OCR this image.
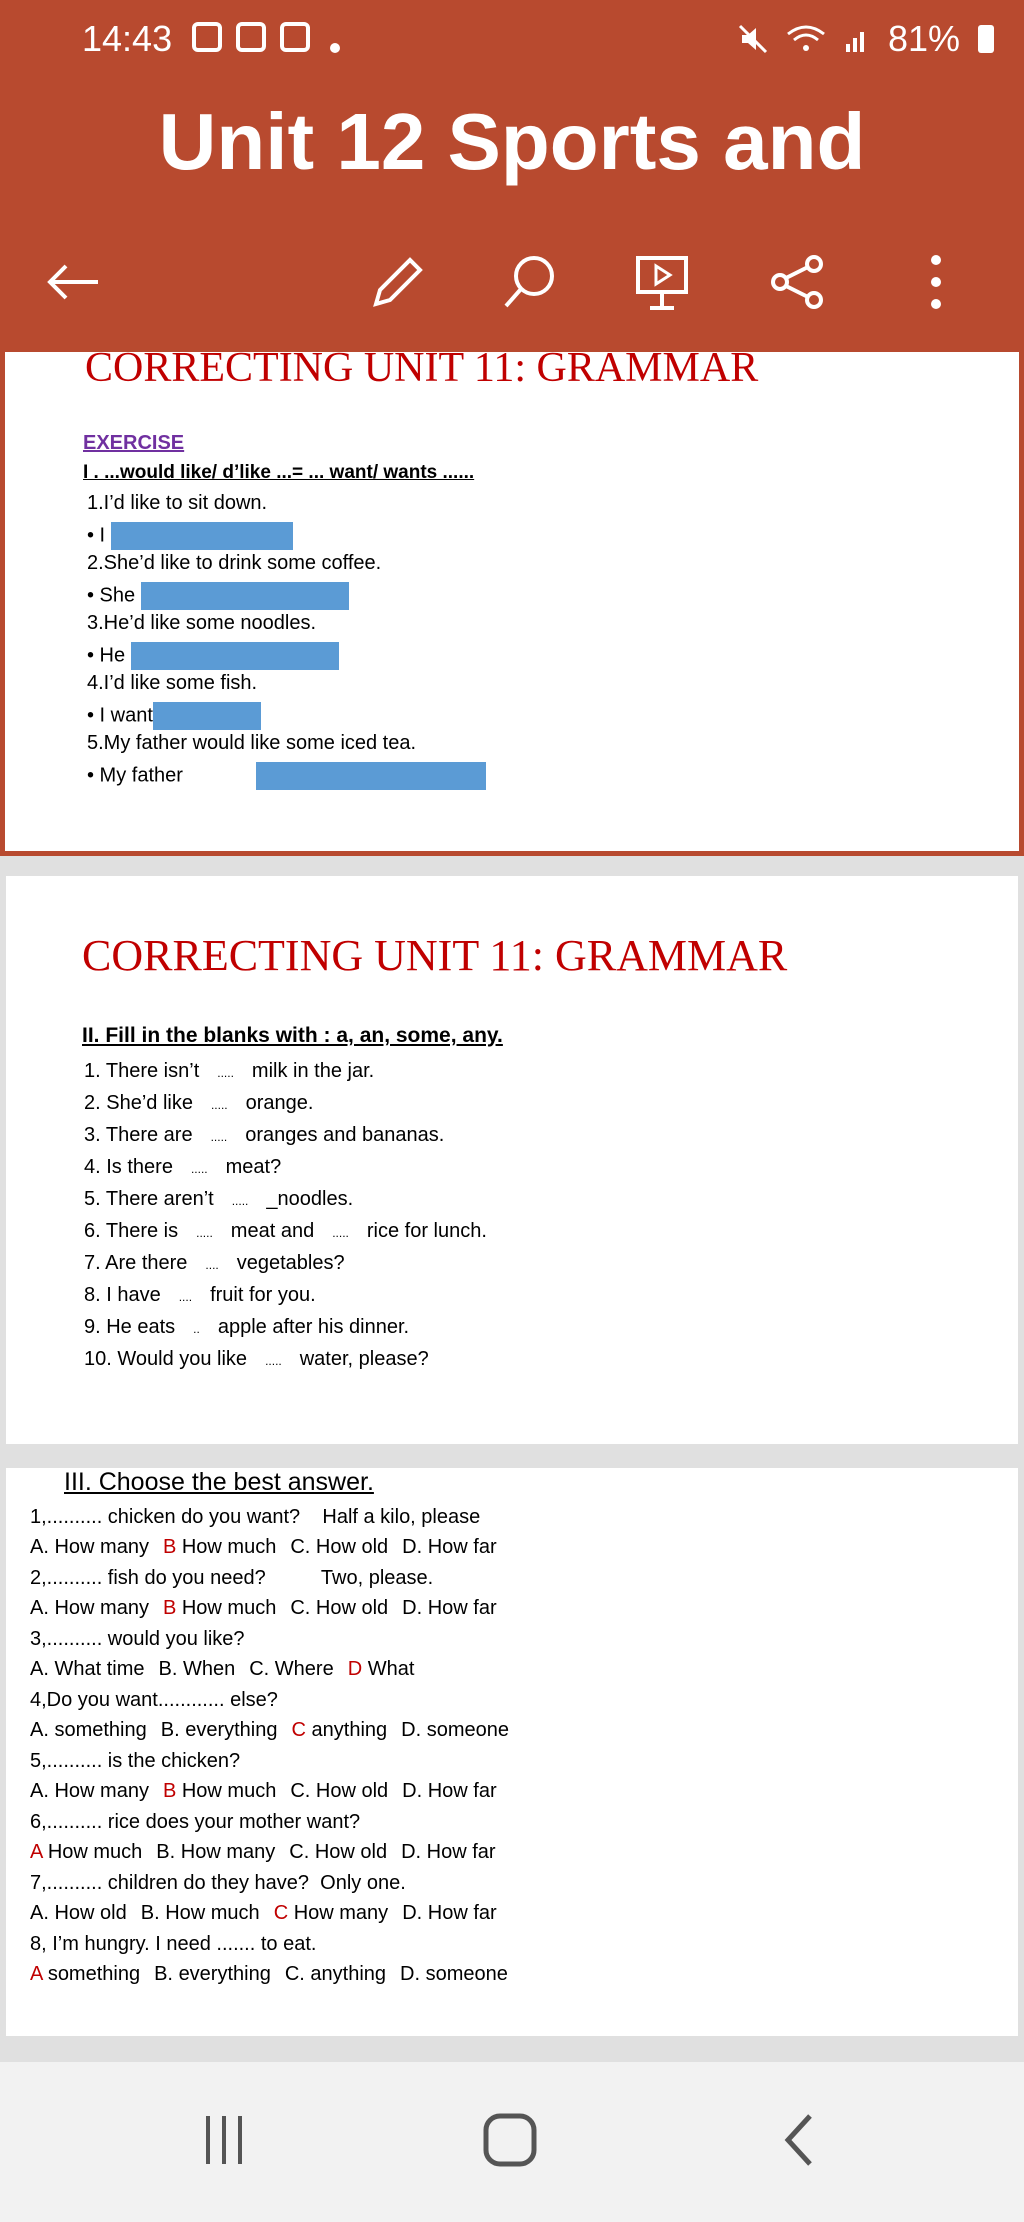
14:43	81%
Unit 12 Sports and
CORRECTING UNIT 11: GRAMMAR
EXERCISE
I . ...would like/ d’like ...= ... want/ wants ......
1.I’d like to sit down.
• I
2.She’d like to drink some coffee.
• She
3.He’d like some noodles.
• He
4.I’d like some fish.
• I want
5.My father would like some iced tea.
• My father
CORRECTING UNIT 11: GRAMMAR
II. Fill in the blanks with : a, an, some, any.
1. There isn’t ..... milk in the jar.
2. She’d like ..... orange.
3. There are ..... oranges and bananas.
4. Is there ..... meat?
5. There aren’t ..... _noodles.
6. There is ..... meat and ..... rice for lunch.
7. Are there .... vegetables?
8. I have .... fruit for you.
9. He eats .. apple after his dinner.
10. Would you like ..... water, please?
III. Choose the best answer.
1,.......... chicken do you want?    Half a kilo, please
A. How many B How much C. How old D. How far
2,.......... fish do you need?          Two, please.
A. How many B How much C. How old D. How far
3,.......... would you like?
A. What time B. When C. Where D What
4,Do you want............ else?
A. something B. everything C anything D. someone
5,.......... is the chicken?
A. How many B How much C. How old D. How far
6,.......... rice does your mother want?
A How much B. How many C. How old D. How far
7,.......... children do they have?  Only one.
A. How old B. How much C How many D. How far
8, I’m hungry. I need ....... to eat.
A something B. everything C. anything D. someone
